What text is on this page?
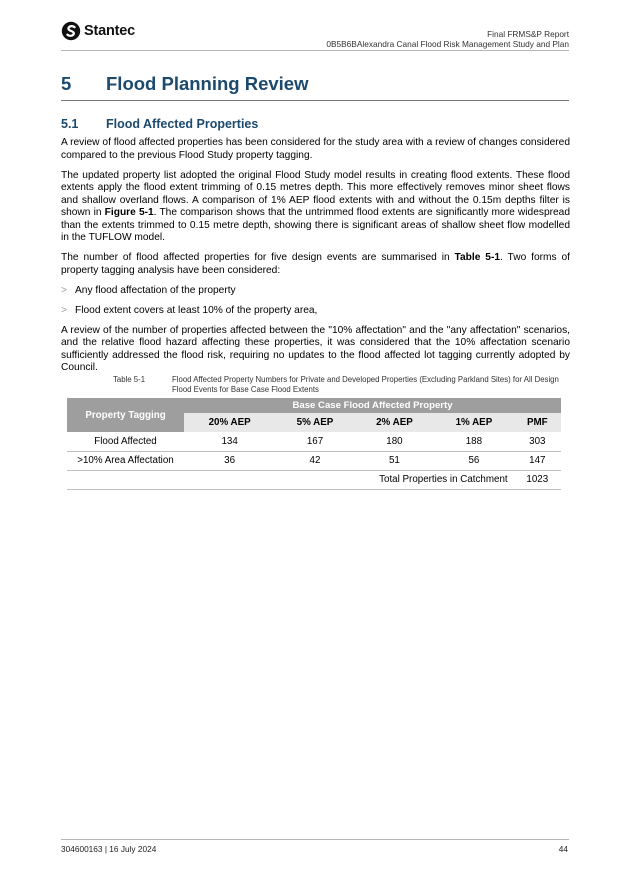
Stantec	Final FRMS&P Report
0B5B6BAlexandra Canal Flood Risk Management Study and Plan
5	Flood Planning Review
5.1	Flood Affected Properties

A review of flood affected properties has been considered for the study area with a review of changes considered compared to the previous Flood Study property tagging.

The updated property list adopted the original Flood Study model results in creating flood extents. These flood extents apply the flood extent trimming of 0.15 metres depth. This more effectively removes minor sheet flows and shallow overland flows. A comparison of 1% AEP flood extents with and without the 0.15m depths filter is shown in Figure 5-1. The comparison shows that the untrimmed flood extents are significantly more widespread than the extents trimmed to 0.15 metre depth, showing there is significant areas of shallow sheet flow modelled in the TUFLOW model.

The number of flood affected properties for five design events are summarised in Table 5-1. Two forms of property tagging analysis have been considered:

> Any flood affectation of the property
> Flood extent covers at least 10% of the property area,

A review of the number of properties affected between the "10% affectation" and the "any affectation" scenarios, and the relative flood hazard affecting these properties, it was considered that the 10% affectation scenario sufficiently addressed the flood risk, requiring no updates to the flood affected lot tagging currently adopted by Council.

Table 5-1	Flood Affected Property Numbers for Private and Developed Properties (Excluding Parkland Sites) for All Design Flood Events for Base Case Flood Extents
Property Tagging	Base Case Flood Affected Property				
	20% AEP	5% AEP	2% AEP	1% AEP	PMF
Flood Affected	134	167	180	188	303
>10% Area Affectation	36	42	51	56	147
Total Properties in Catchment					1023
304600163 | 16 July 2024	44
